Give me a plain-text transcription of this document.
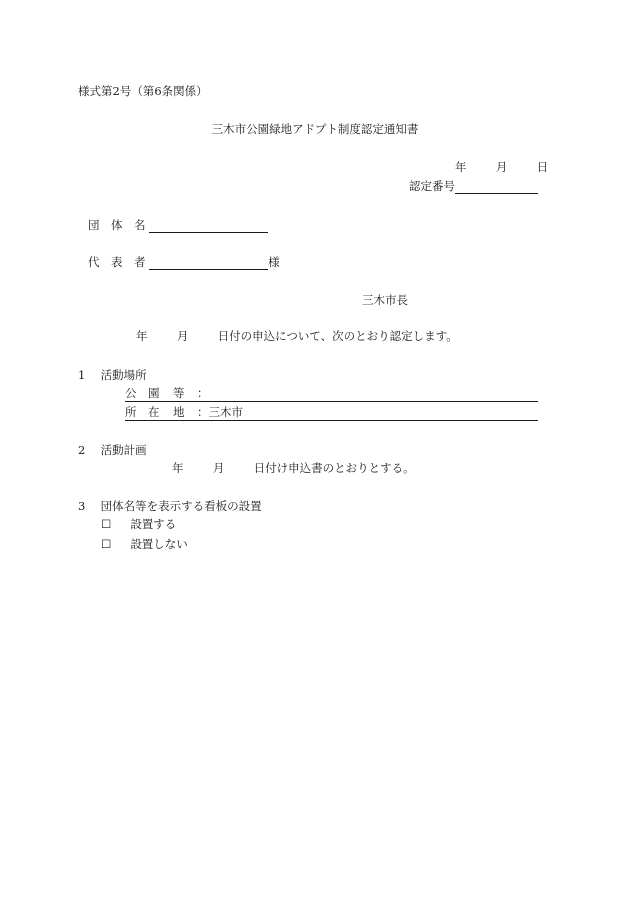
様式第2号（第6条関係）
三木市公園緑地アドプト制度認定通知書
年	月	日
認定番号
団 体 名
代 表 者	様
三木市長
年	月	日付の申込について、次のとおり認定します。
1 活動場所
公 園 等	：
所 在 地	： 三木市
2 活動計画
年	月	日付け申込書のとおりとする。
3 団体名等を表示する看板の設置
☐ 設置する
☐ 設置しない
